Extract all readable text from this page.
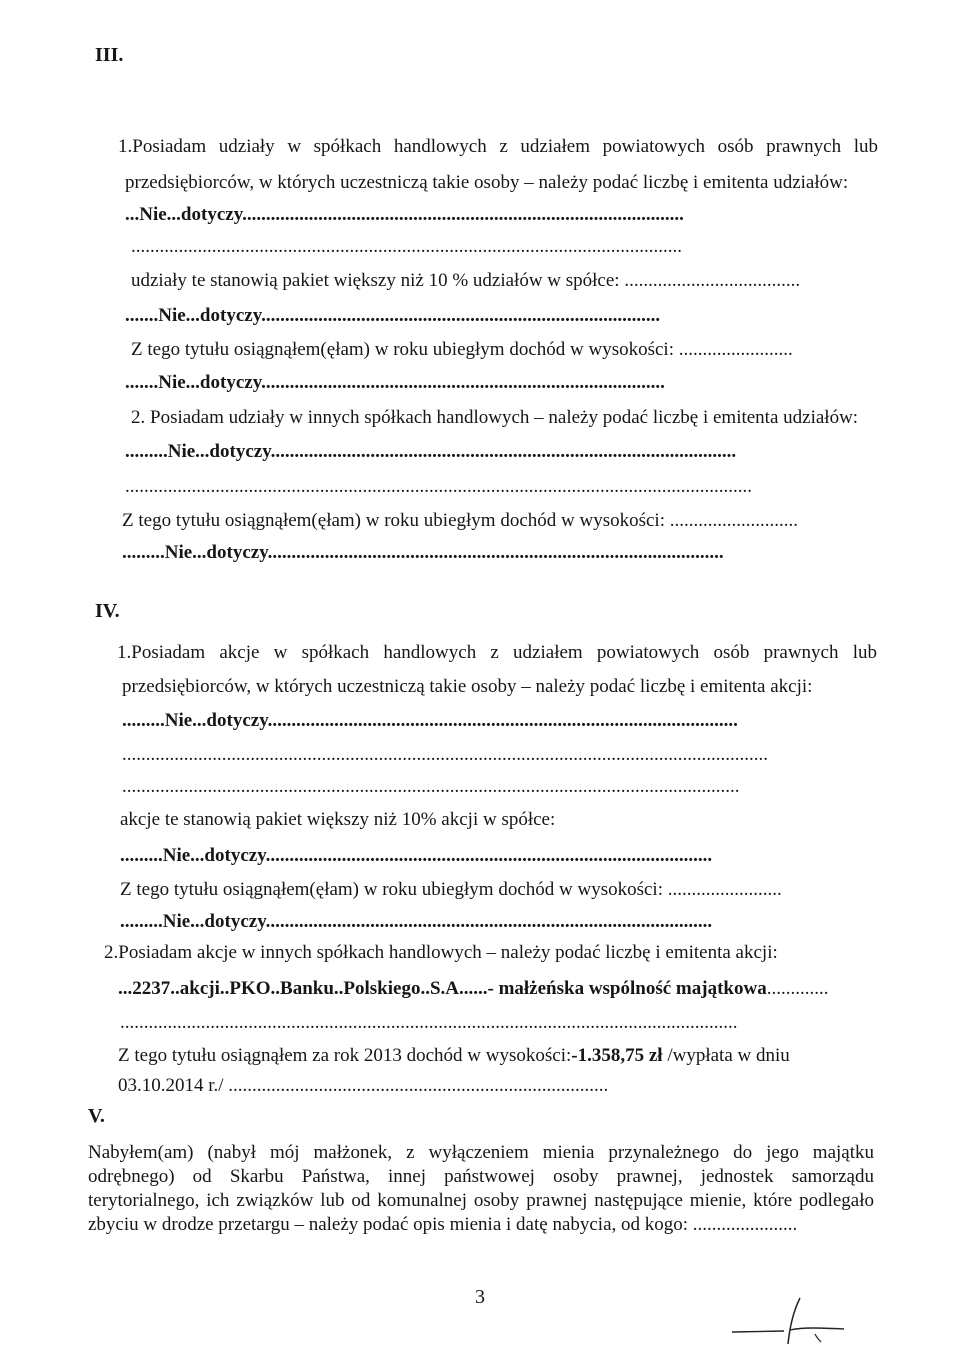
III.
1.Posiadam udziały w spółkach handlowych z udziałem powiatowych osób prawnych lub
przedsiębiorców, w których uczestniczą takie osoby – należy podać liczbę i emitenta udziałów:
...Nie...dotyczy.............................................................................................
....................................................................................................................
udziały te stanowią pakiet większy niż 10 % udziałów w spółce: .....................................
.......Nie...dotyczy....................................................................................
Z tego tytułu osiągnąłem(ęłam) w roku ubiegłym dochód w wysokości: ........................
.......Nie...dotyczy.....................................................................................
2. Posiadam udziały w innych spółkach handlowych – należy podać liczbę i emitenta udziałów:
.........Nie...dotyczy..................................................................................................
....................................................................................................................................
Z tego tytułu osiągnąłem(ęłam) w roku ubiegłym dochód w wysokości: ...........................
.........Nie...dotyczy................................................................................................
IV.
1.Posiadam akcje w spółkach handlowych z udziałem powiatowych osób prawnych lub
przedsiębiorców, w których uczestniczą takie osoby – należy podać liczbę i emitenta akcji:
.........Nie...dotyczy...................................................................................................
........................................................................................................................................
..................................................................................................................................
akcje te stanowią pakiet większy niż 10% akcji w spółce:
.........Nie...dotyczy..............................................................................................
Z tego tytułu osiągnąłem(ęłam) w roku ubiegłym dochód w wysokości: ........................
.........Nie...dotyczy..............................................................................................
2.Posiadam akcje w innych spółkach handlowych – należy podać liczbę i emitenta akcji:
...2237..akcji..PKO..Banku..Polskiego..S.A......- małżeńska wspólność majątkowa.............
..................................................................................................................................
Z tego tytułu osiągnąłem za rok 2013 dochód w wysokości:-1.358,75 zł /wypłata w dniu
03.10.2014 r./ ................................................................................
V.
Nabyłem(am) (nabył mój małżonek, z wyłączeniem mienia przynależnego do jego majątku
odrębnego) od Skarbu Państwa, innej państwowej osoby prawnej, jednostek samorządu
terytorialnego, ich związków lub od komunalnej osoby prawnej następujące mienie, które podlegało
zbyciu w drodze przetargu – należy podać opis mienia i datę nabycia, od kogo: ......................
3
